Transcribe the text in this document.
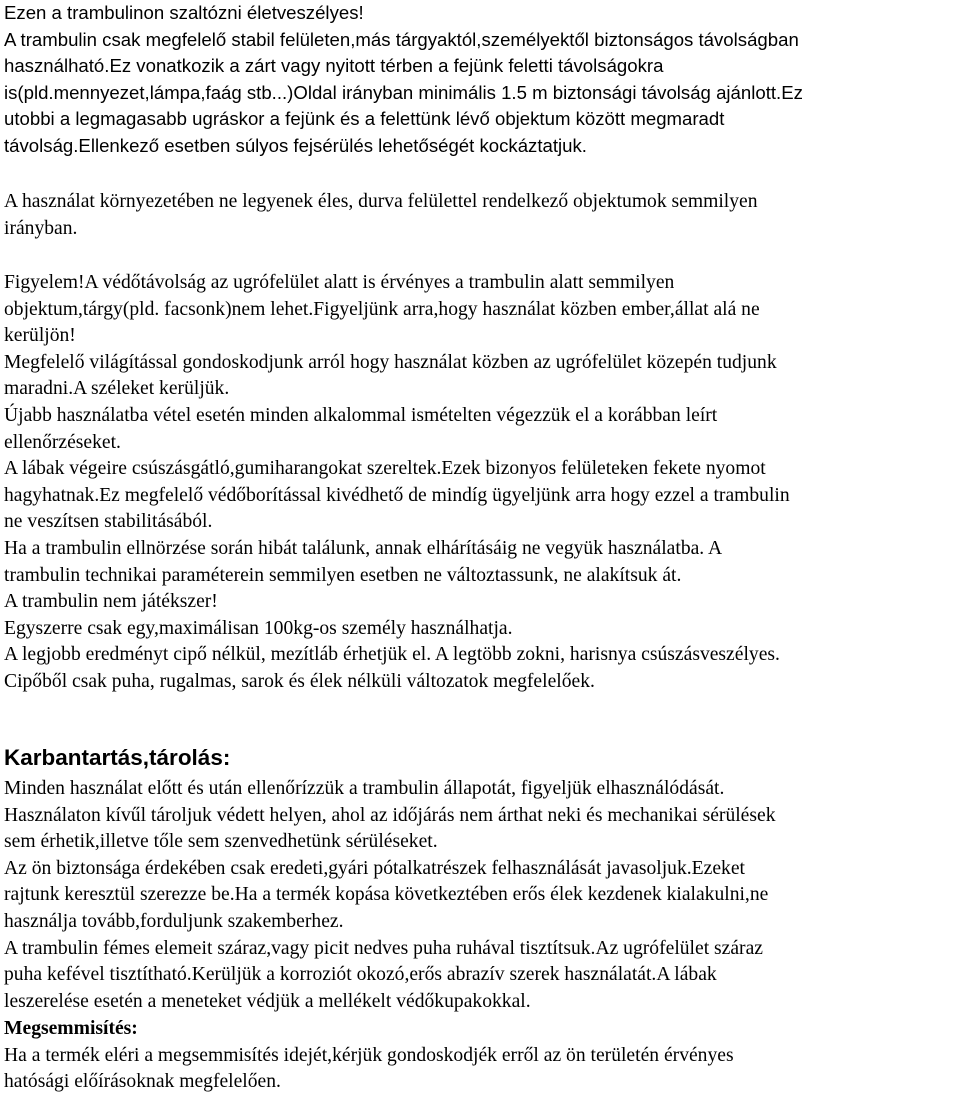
Ezen a trambulinon szaltózni életveszélyes!
A trambulin csak megfelelő stabil felületen,más tárgyaktól,személyektől biztonságos távolságban
használható.Ez vonatkozik a zárt vagy nyitott térben a fejünk feletti távolságokra
is(pld.mennyezet,lámpa,faág stb...)Oldal irányban minimális 1.5 m biztonsági távolság ajánlott.Ez
utobbi a legmagasabb ugráskor a fejünk és a felettünk lévő objektum között megmaradt
távolság.Ellenkező esetben súlyos fejsérülés lehetőségét kockáztatjuk.
A használat környezetében ne legyenek éles, durva felülettel rendelkező objektumok semmilyen
irányban.
Figyelem!A védőtávolság az ugrófelület alatt is érvényes a trambulin alatt semmilyen
objektum,tárgy(pld. facsonk)nem lehet.Figyeljünk arra,hogy használat közben ember,állat alá ne
kerüljön!
Megfelelő világítással gondoskodjunk arról hogy használat közben az ugrófelület közepén tudjunk
maradni.A széleket kerüljük.
Újabb használatba vétel esetén minden alkalommal ismételten végezzük el a korábban leírt
ellenőrzéseket.
A lábak végeire csúszásgátló,gumiharangokat szereltek.Ezek bizonyos felületeken fekete nyomot
hagyhatnak.Ez megfelelő védőborítással kivédhető de mindíg ügyeljünk arra hogy ezzel a trambulin
ne veszítsen stabilitásából.
Ha a trambulin ellnörzése során hibát találunk, annak elhárításáig ne vegyük használatba. A
trambulin technikai paraméterein semmilyen esetben ne változtassunk, ne alakítsuk át.
A trambulin nem játékszer!
Egyszerre csak egy,maximálisan 100kg-os személy használhatja.
A legjobb eredményt cipő nélkül, mezítláb érhetjük el. A legtöbb zokni, harisnya csúszásveszélyes.
Cipőből csak puha, rugalmas, sarok és élek nélküli változatok megfelelőek.
Karbantartás,tárolás:
Minden használat előtt és után ellenőrízzük a trambulin állapotát, figyeljük elhasználódását.
Használaton kívűl tároljuk védett helyen, ahol az időjárás nem árthat neki és mechanikai sérülések
sem érhetik,illetve tőle sem szenvedhetünk sérüléseket.
Az ön biztonsága érdekében csak eredeti,gyári pótalkatrészek felhasználását javasoljuk.Ezeket
rajtunk keresztül szerezze be.Ha a termék kopása következtében erős élek kezdenek kialakulni,ne
használja tovább,forduljunk szakemberhez.
A trambulin fémes elemeit száraz,vagy picit nedves puha ruhával tisztítsuk.Az ugrófelület száraz
puha kefével tisztítható.Kerüljük a korroziót okozó,erős abrazív szerek használatát.A lábak
leszerelése esetén a meneteket védjük a mellékelt védőkupakokkal.
Megsemmisítés:
Ha a termék eléri a megsemmisítés idejét,kérjük gondoskodjék erről az ön területén érvényes
hatósági előírásoknak megfelelően.
